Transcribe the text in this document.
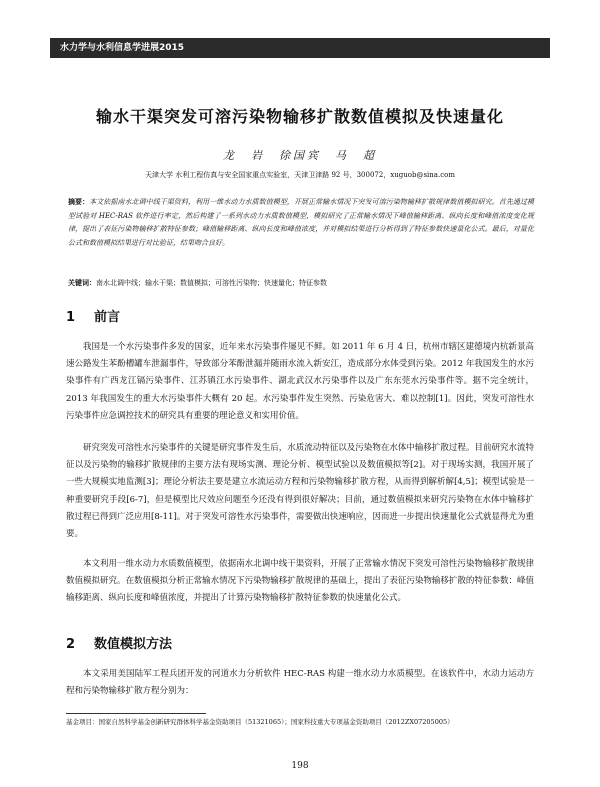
水力学与水利信息学进展2015
输水干渠突发可溶污染物输移扩散数值模拟及快速量化
龙　岩　徐国宾　马　超
天津大学 水利工程仿真与安全国家重点实验室，天津卫津路 92 号，300072，xuguob@sina.com
摘要：本文依据南水北调中线干渠资料，利用一维水动力水质数值模型，开展正常输水情况下突发可溶污染物输移扩散规律数值模拟研究。首先通过模型试验对 HEC-RAS 软件进行率定，然后构建了一系列水动力水质数值模型，模拟研究了正常输水情况下峰值输移距离、纵向长度和峰值浓度变化规律，提出了表征污染物输移扩散特征参数；峰值输移距离、纵向长度和峰值浓度，并对模拟结果进行分析得到了特征参数快速量化公式。最后，对量化公式和数值模拟结果进行对比验证，结果吻合良好。
关键词：南水北调中线；输水干渠；数值模拟；可溶性污染物；快速量化；特征参数
1 前言
我国是一个水污染事件多发的国家，近年来水污染事件屡见不鲜。如 2011 年 6 月 4 日，杭州市辖区建德境内杭新景高速公路发生苯酚槽罐车泄漏事件，导致部分苯酚泄漏并随雨水流入新安江，造成部分水体受到污染。2012 年我国发生的水污染事件有广西龙江镉污染事件、江苏镇江水污染事件、湖北武汉水污染事件以及广东东莞水污染事件等。据不完全统计，2013 年我国发生的重大水污染事件大概有 20 起。水污染事件发生突然、污染危害大、难以控制[1]。因此，突发可溶性水污染事件应急调控技术的研究具有重要的理论意义和实用价值。
研究突发可溶性水污染事件的关键是研究事件发生后，水质流动特征以及污染物在水体中输移扩散过程。目前研究水流特征以及污染物的输移扩散规律的主要方法有现场实测、理论分析、模型试验以及数值模拟等[2]。对于现场实测，我国开展了一些大规模实地监测[3]；理论分析法主要是建立水流运动方程和污染物输移扩散方程，从而得到解析解[4,5]；模型试验是一种重要研究手段[6-7]，但是模型比尺效应问题至今还没有得到很好解决；目前，通过数值模拟来研究污染物在水体中输移扩散过程已得到广泛应用[8-11]。对于突发可溶性水污染事件，需要做出快速响应，因而进一步提出快速量化公式就显得尤为重要。
本文利用一维水动力水质数值模型，依据南水北调中线干渠资料，开展了正常输水情况下突发可溶性污染物输移扩散规律数值模拟研究。在数值模拟分析正常输水情况下污染物输移扩散规律的基础上，提出了表征污染物输移扩散的特征参数：峰值输移距离、纵向长度和峰值浓度，并提出了计算污染物输移扩散特征参数的快速量化公式。
2 数值模拟方法
本文采用美国陆军工程兵团开发的河道水力分析软件 HEC-RAS 构建一维水动力水质模型。在该软件中，水动力运动方程和污染物输移扩散方程分别为：
基金项目：国家自然科学基金创新研究群体科学基金资助项目（51321065）；国家科技重大专项基金资助项目（2012ZX07205005）
198
